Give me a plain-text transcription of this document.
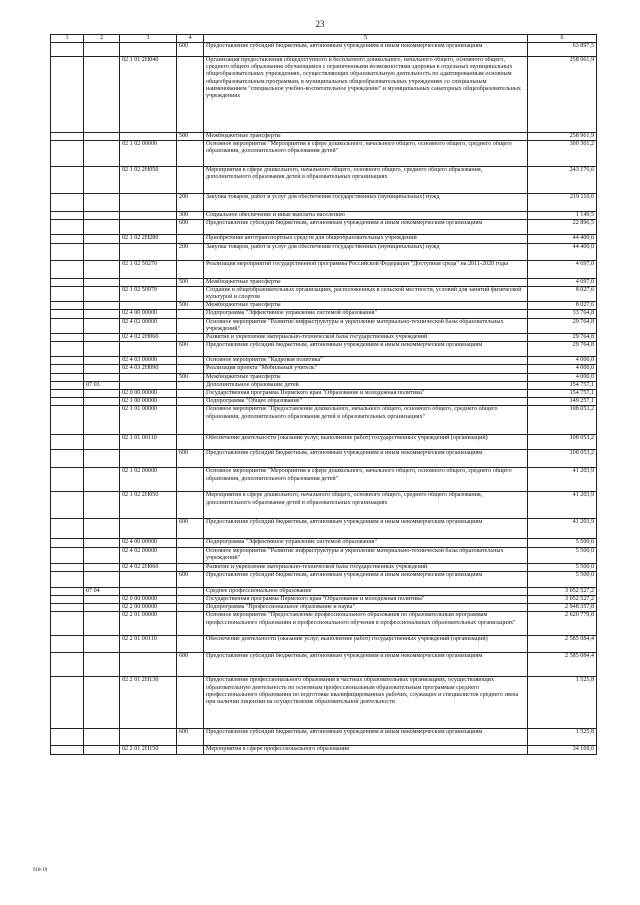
23
1	2	3	4	5	6
			600	Предоставление субсидий бюджетным, автономным учреждениям и иным некоммерческим организациям	63 897,5
		02 1 01 2Н040		Организация предоставления общедоступного и бесплатного дошкольного, начального общего, основного общего, среднего общего образования обучающимся с ограниченными возможностями здоровья в отдельных муниципальных общеобразовательных учреждениях, осуществляющих образовательную деятельность по адаптированным основным общеобразовательным программам, в муниципальных общеобразовательных учреждениях со специальным наименованием "специальное учебно-воспитательное учреждение" и муниципальных санаторных общеобразовательных учреждениях	258 961,9
			500	Межбюджетные трансферты	258 961,9
		02 1 02 00000		Основное мероприятие "Мероприятия в сфере дошкольного, начального общего, основного общего, среднего общего образования, дополнительного образования детей"	300 301,2
		02 1 02 2Н050		Мероприятия в сфере дошкольного, начального общего, основного общего, среднего общего образования, дополнительного образования детей в образовательных организациях	243 176,6
			200	Закупка товаров, работ и услуг для обеспечения государственных (муниципальных) нужд	219 110,6
			300	Социальное обеспечение и иные выплаты населению	1 149,5
			600	Предоставление субсидий бюджетным, автономным учреждениям и иным некоммерческим организациям	22 896,5
		02 1 02 2Н280		Приобретение автотранспортных средств для общеобразовательных учреждений	44 400,0
			200	Закупка товаров, работ и услуг для обеспечения государственных (муниципальных) нужд	44 400,0
		02 1 02 50270		Реализация мероприятий государственной программы Российской Федерации "Доступная среда" на 2011-2020 годы	4 697,0
			500	Межбюджетные трансферты	4 697,0
		02 1 02 50970		Создание в общеобразовательных организациях, расположенных в сельской местности, условий для занятий физической культурой и спортом	8 027,6
			500	Межбюджетные трансферты	8 027,6
		02 4 00 00000		Подпрограмма "Эффективное управление системой образования"	33 764,8
		02 4 02 00000		Основное мероприятие "Развитие инфраструктуры и укрепление материально-технической базы образовательных учреждений"	29 764,8
		02 4 02 2Н060		Развитие и укрепление материально-технической базы государственных учреждений	29 764,8
			600	Предоставление субсидий бюджетным, автономным учреждениям и иным некоммерческим организациям	29 764,8
		02 4 03 00000		Основное мероприятие "Кадровая политика"	4 000,0
		02 4 03 2Н090		Реализация проекта "Мобильный учитель"	4 000,0
			500	Межбюджетные трансферты	4 000,0
	07 03			Дополнительное образование детей	154 757,1
		02 0 00 00000		Государственная программа Пермского края "Образование и молодежная политика"	154 757,1
		02 1 00 00000		Подпрограмма "Общее образование"	149 257,1
		02 1 01 00000		Основное мероприятие "Предоставление дошкольного, начального общего, основного общего, среднего общего образования, дополнительного образования детей в образовательных организациях"	108 053,2
		02 1 01 00110		Обеспечение деятельности (оказание услуг, выполнение работ) государственных учреждений (организаций)	108 053,2
			600	Предоставление субсидий бюджетным, автономным учреждениям и иным некоммерческим организациям	108 053,2
		02 1 02 00000		Основное мероприятие "Мероприятия в сфере дошкольного, начального общего, основного общего, среднего общего образования, дополнительного образования детей"	41 203,9
		02 1 02 2Н050		Мероприятия в сфере дошкольного, начального общего, основного общего, среднего общего образования, дополнительного образования детей в образовательных организациях	41 203,9
			600	Предоставление субсидий бюджетным, автономным учреждениям и иным некоммерческим организациям	41 203,9
		02 4 00 00000		Подпрограмма "Эффективное управление системой образования"	5 500,0
		02 4 02 00000		Основное мероприятие "Развитие инфраструктуры и укрепление материально-технической базы образовательных учреждений"	5 500,0
		02 4 02 2Н060		Развитие и укрепление материально-технической базы государственных учреждений	5 500,0
			600	Предоставление субсидий бюджетным, автономным учреждениям и иным некоммерческим организациям	5 500,0
	07 04			Среднее профессиональное образование	3 052 527,2
		02 0 00 00000		Государственная программа Пермского края "Образование и молодежная политика"	3 052 527,2
		02 2 00 00000		Подпрограмма "Профессиональное образование и наука"	2 948 357,8
		02 2 01 00000		Основное мероприятие "Предоставление профессионального образования по образовательным программам профессионального образования и профессионального обучения в профессиональных образовательных организациях"	2 620 779,8
		02 2 01 00110		Обеспечение деятельности (оказание услуг, выполнение работ) государственных учреждений (организаций)	2 585 084,4
			600	Предоставление субсидий бюджетным, автономным учреждениям и иным некоммерческим организациям	2 585 084,4
		02 2 01 2Н130		Предоставление профессионального образования в частных образовательных организациях, осуществляющих образовательную деятельность по основным профессиональным образовательным программам среднего профессионального образования по подготовке квалифицированных рабочих, служащих и специалистов среднего звена при наличии лицензии на осуществление образовательной деятельности	1 525,8
			600	Предоставление субсидий бюджетным, автономным учреждениям и иным некоммерческим организациям	1 525,8
		02 2 01 2Н150		Мероприятия в сфере профессионального образования	34 169,6
918-19
